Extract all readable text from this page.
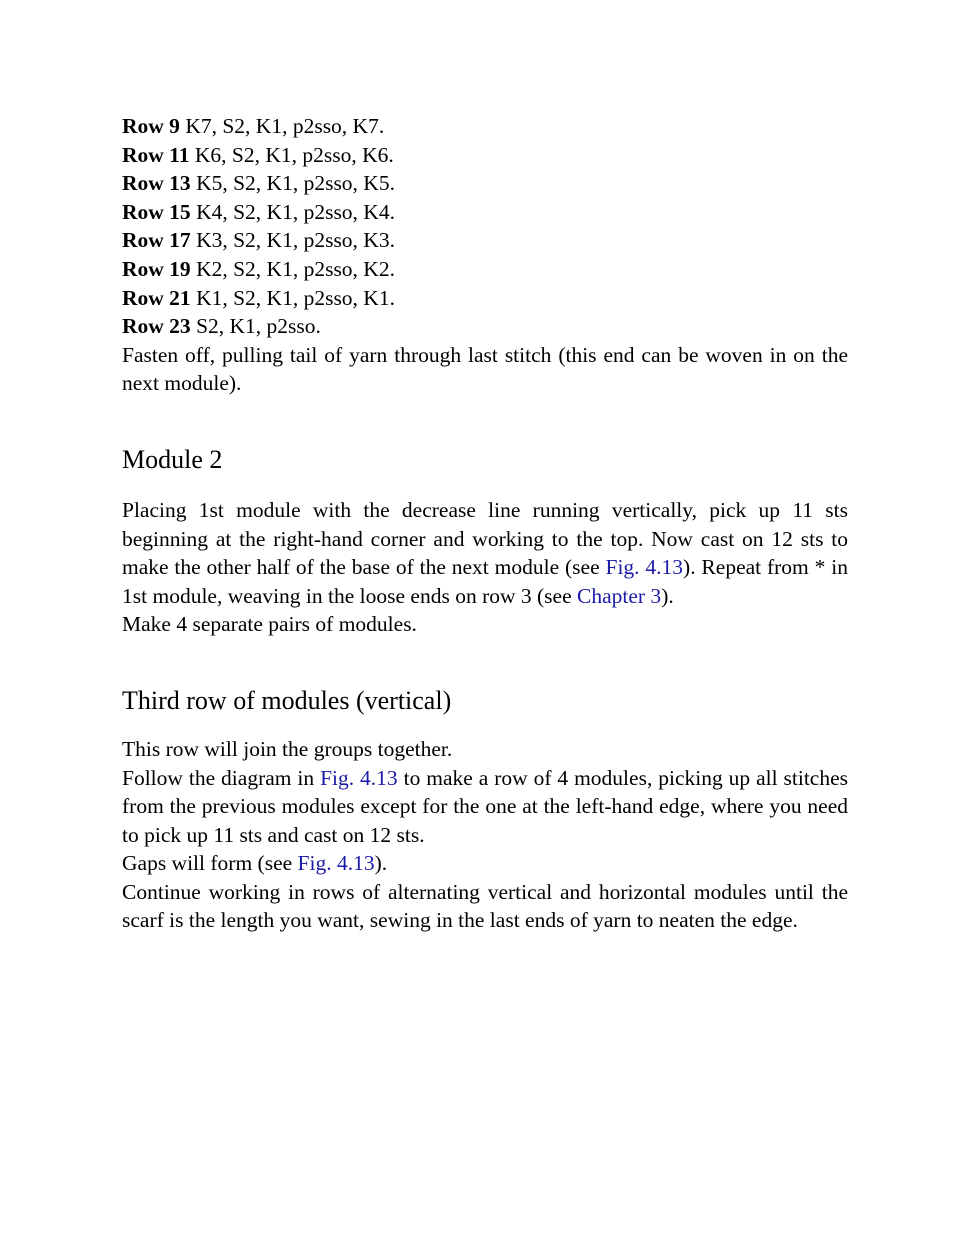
Row 9 K7, S2, K1, p2sso, K7.
Row 11 K6, S2, K1, p2sso, K6.
Row 13 K5, S2, K1, p2sso, K5.
Row 15 K4, S2, K1, p2sso, K4.
Row 17 K3, S2, K1, p2sso, K3.
Row 19 K2, S2, K1, p2sso, K2.
Row 21 K1, S2, K1, p2sso, K1.
Row 23 S2, K1, p2sso.
Fasten off, pulling tail of yarn through last stitch (this end can be woven in on the next module).
Module 2
Placing 1st module with the decrease line running vertically, pick up 11 sts beginning at the right-hand corner and working to the top. Now cast on 12 sts to make the other half of the base of the next module (see Fig. 4.13). Repeat from * in 1st module, weaving in the loose ends on row 3 (see Chapter 3).
Make 4 separate pairs of modules.
Third row of modules (vertical)
This row will join the groups together.
Follow the diagram in Fig. 4.13 to make a row of 4 modules, picking up all stitches from the previous modules except for the one at the left-hand edge, where you need to pick up 11 sts and cast on 12 sts.
Gaps will form (see Fig. 4.13).
Continue working in rows of alternating vertical and horizontal modules until the scarf is the length you want, sewing in the last ends of yarn to neaten the edge.
